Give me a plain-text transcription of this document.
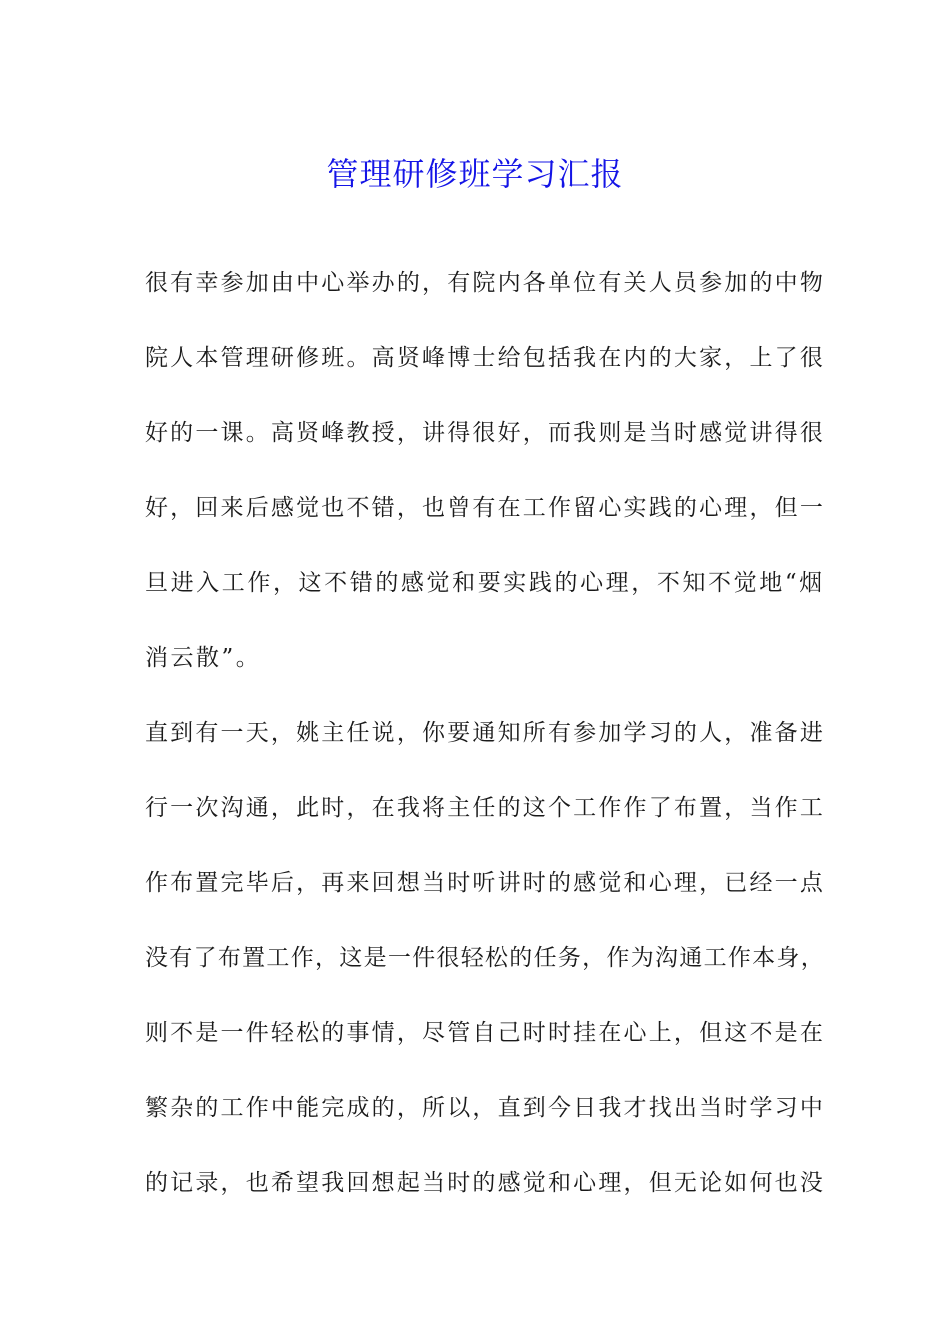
管理研修班学习汇报
很有幸参加由中心举办的，有院内各单位有关人员参加的中物
院人本管理研修班。高贤峰博士给包括我在内的大家，上了很
好的一课。高贤峰教授，讲得很好，而我则是当时感觉讲得很
好，回来后感觉也不错，也曾有在工作留心实践的心理，但一
旦进入工作，这不错的感觉和要实践的心理，不知不觉地“烟
消云散”。
直到有一天，姚主任说，你要通知所有参加学习的人，准备进
行一次沟通，此时，在我将主任的这个工作作了布置，当作工
作布置完毕后，再来回想当时听讲时的感觉和心理，已经一点
没有了布置工作，这是一件很轻松的任务，作为沟通工作本身，
则不是一件轻松的事情，尽管自己时时挂在心上，但这不是在
繁杂的工作中能完成的，所以，直到今日我才找出当时学习中
的记录，也希望我回想起当时的感觉和心理，但无论如何也没
